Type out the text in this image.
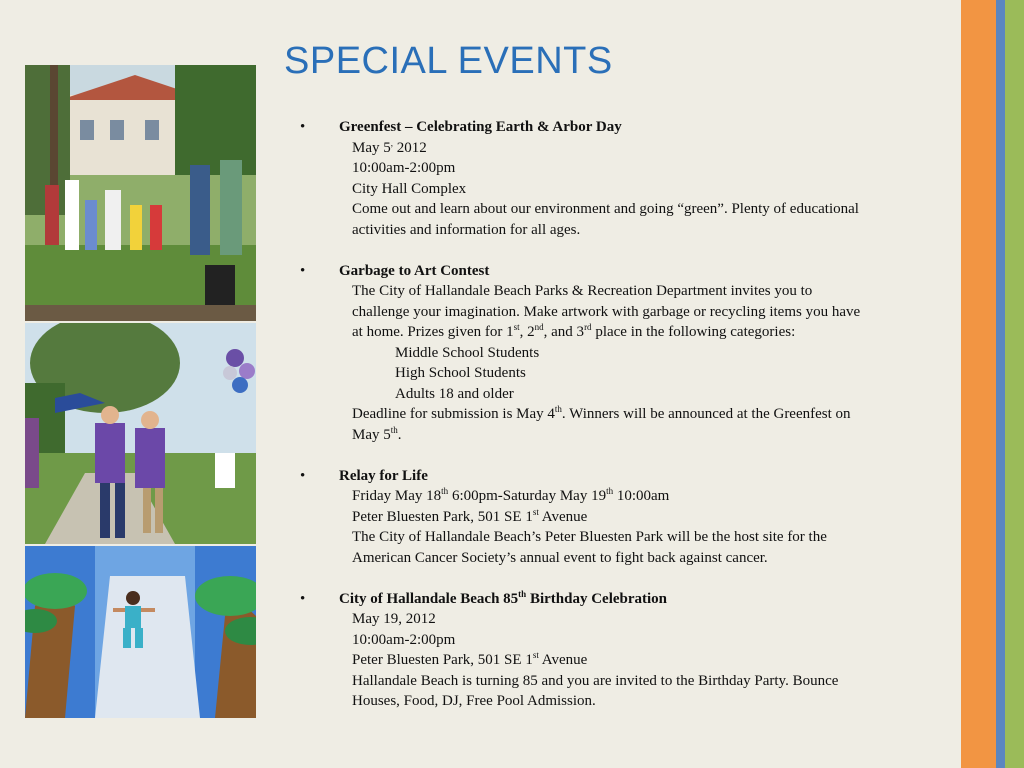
SPECIAL EVENTS
•	Greenfest – Celebrating Earth & Arbor Day
May 5, 2012
10:00am-2:00pm
City Hall Complex
Come out and learn about our environment and going “green”. Plenty of educational
activities and information for all ages.
•	Garbage to Art Contest
The City of Hallandale Beach Parks & Recreation Department invites you to
challenge your imagination. Make artwork with garbage or recycling items you have
at home. Prizes given for 1st, 2nd, and 3rd place in the following categories:
Middle School Students
High School Students
Adults 18 and older
Deadline for submission is May 4th. Winners will be announced at the Greenfest on
May 5th.
•	Relay for Life
Friday May 18th 6:00pm-Saturday May 19th 10:00am
Peter Bluesten Park, 501 SE 1st Avenue
The City of Hallandale Beach’s Peter Bluesten Park will be the host site for the
American Cancer Society’s annual event to fight back against cancer.
•	City of Hallandale Beach 85th Birthday Celebration
May 19, 2012
10:00am-2:00pm
Peter Bluesten Park, 501 SE 1st Avenue
Hallandale Beach is turning 85 and you are invited to the Birthday Party. Bounce
Houses, Food, DJ, Free Pool Admission.
